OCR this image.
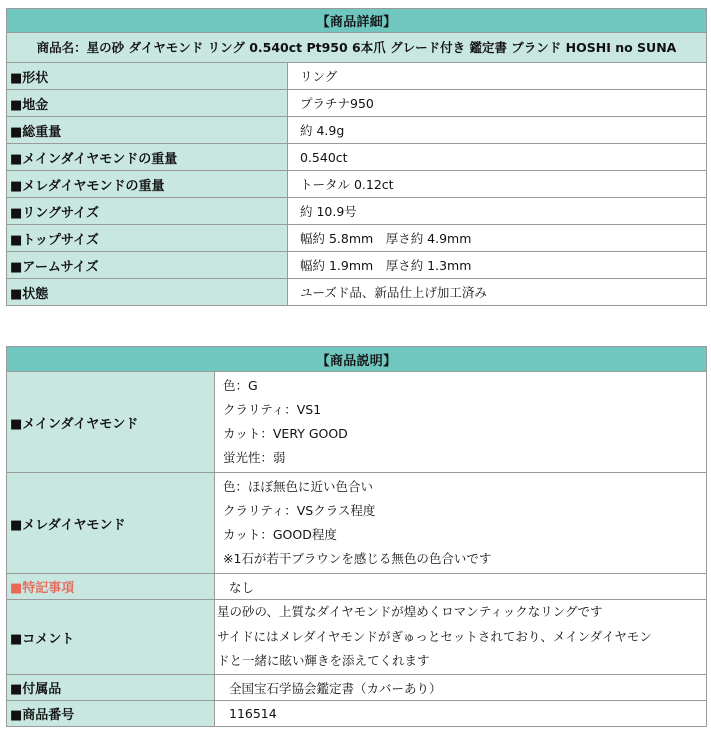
【商品詳細】	
商品名：星の砂 ダイヤモンド リング 0.540ct Pt950 6本爪 グレード付き 鑑定書 ブランド HOSHI no SUNA	
■形状	リング
■地金	プラチナ950
■総重量	約 4.9g
■メインダイヤモンドの重量	0.540ct
■メレダイヤモンドの重量	トータル 0.12ct
■リングサイズ	約 10.9号
■トップサイズ	幅約 5.8mm　厚さ約 4.9mm
■アームサイズ	幅約 1.9mm　厚さ約 1.3mm
■状態	ユーズド品、新品仕上げ加工済み
【商品説明】	
■メインダイヤモンド	色：G
クラリティ：VS1
カット：VERY GOOD
蛍光性：弱

■メレダイヤモンド	色：ほぼ無色に近い色合い
クラリティ：VSクラス程度
カット：GOOD程度
※1石が若干ブラウンを感じる無色の色合いです

■特記事項	なし
■コメント	星の砂の、上質なダイヤモンドが煌めくロマンティックなリングです
サイドにはメレダイヤモンドがぎゅっとセットされており、メインダイヤモン
ドと一緒に眩い輝きを添えてくれます

■付属品	全国宝石学協会鑑定書（カバーあり）
■商品番号	116514
